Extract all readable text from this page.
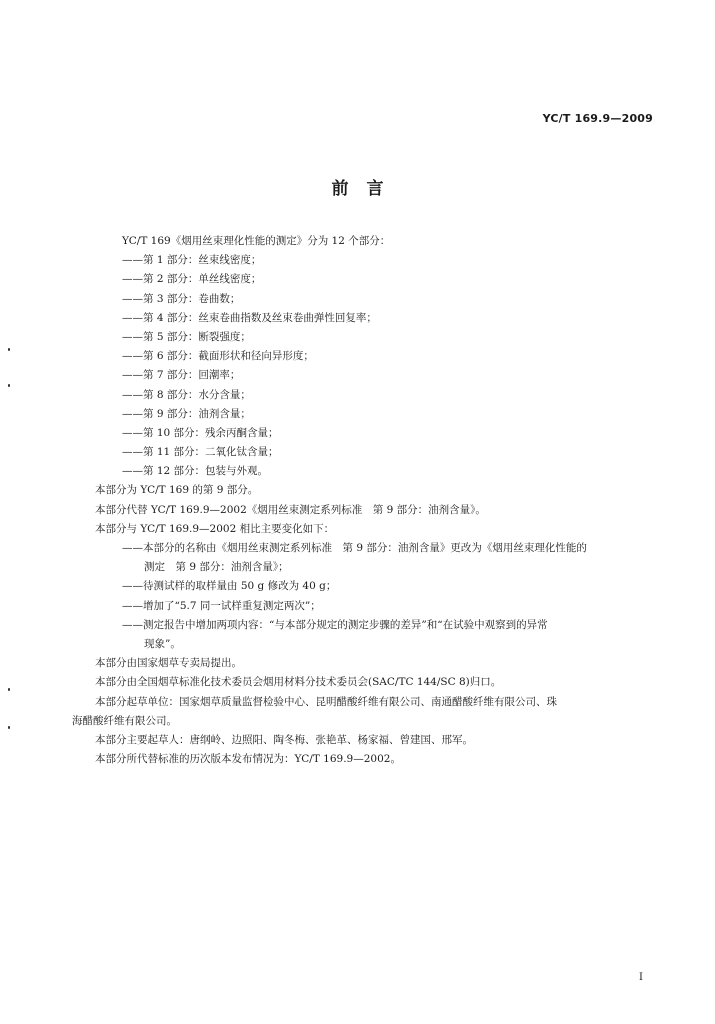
YC/T 169.9—2009
前言
YC/T 169《烟用丝束理化性能的测定》分为 12 个部分：
——第 1 部分：丝束线密度；
——第 2 部分：单丝线密度；
——第 3 部分：卷曲数；
——第 4 部分：丝束卷曲指数及丝束卷曲弹性回复率；
——第 5 部分：断裂强度；
——第 6 部分：截面形状和径向异形度；
——第 7 部分：回潮率；
——第 8 部分：水分含量；
——第 9 部分：油剂含量；
——第 10 部分：残余丙酮含量；
——第 11 部分：二氧化钛含量；
——第 12 部分：包装与外观。
本部分为 YC/T 169 的第 9 部分。
本部分代替 YC/T 169.9—2002《烟用丝束测定系列标准　第 9 部分：油剂含量》。
本部分与 YC/T 169.9—2002 相比主要变化如下：
——本部分的名称由《烟用丝束测定系列标准　第 9 部分：油剂含量》更改为《烟用丝束理化性能的
测定　第 9 部分：油剂含量》；
——待测试样的取样量由 50 g 修改为 40 g；
——增加了“5.7 同一试样重复测定两次”；
——测定报告中增加两项内容：“与本部分规定的测定步骤的差异”和“在试验中观察到的异常
现象”。
本部分由国家烟草专卖局提出。
本部分由全国烟草标准化技术委员会烟用材料分技术委员会(SAC/TC 144/SC 8)归口。
本部分起草单位：国家烟草质量监督检验中心、昆明醋酸纤维有限公司、南通醋酸纤维有限公司、珠
海醋酸纤维有限公司。
本部分主要起草人：唐纲岭、边照阳、陶冬梅、张艳革、杨家福、曾建国、邢军。
本部分所代替标准的历次版本发布情况为：YC/T 169.9—2002。
I
